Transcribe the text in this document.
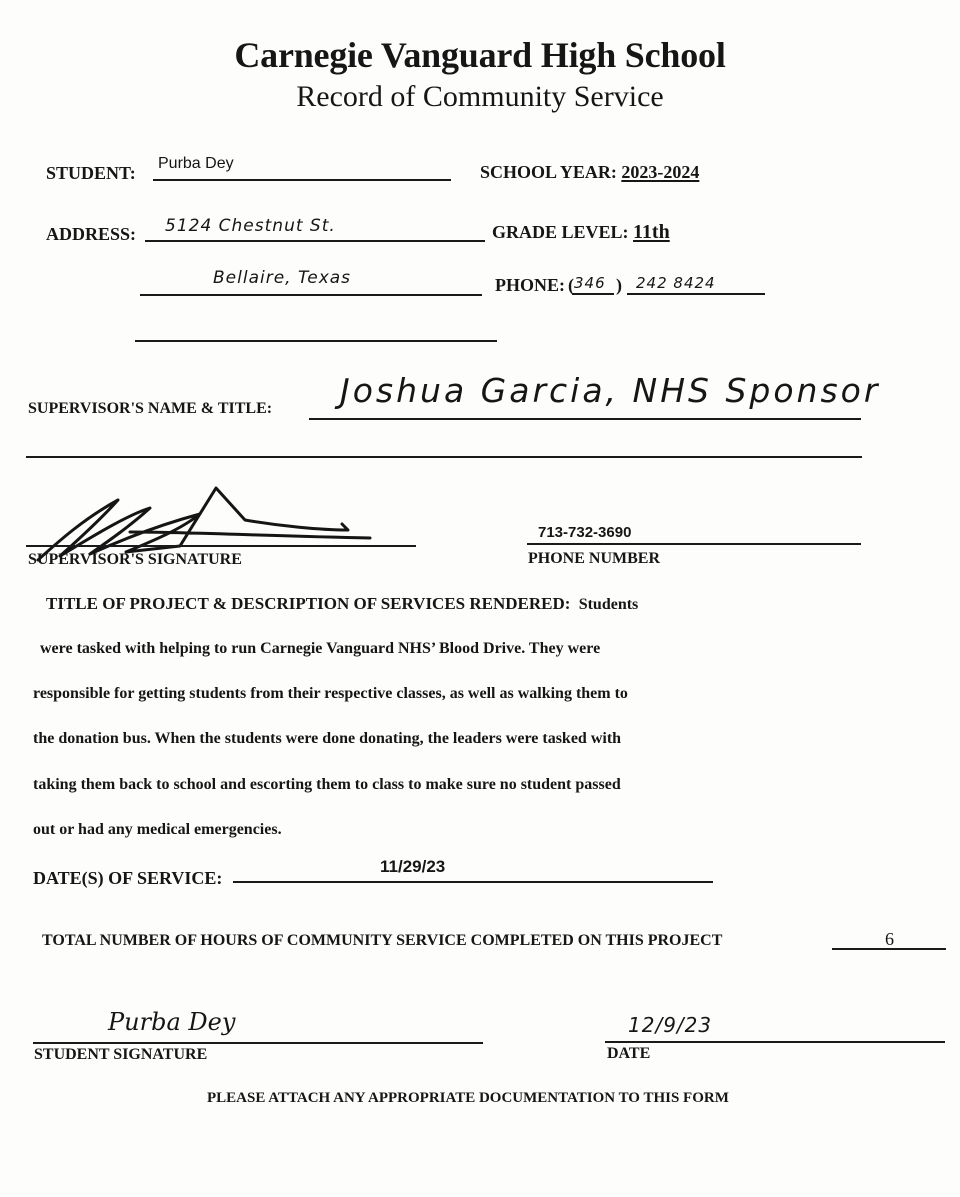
Carnegie Vanguard High School
Record of Community Service
STUDENT: Purba Dey	SCHOOL YEAR: 2023-2024
ADDRESS: 5124 Chestnut St.
Bellaire, Texas
GRADE LEVEL: 11th
PHONE: ( 346 ) 242 8424
SUPERVISOR'S NAME & TITLE: Joshua Garcia, NHS Sponsor
SUPERVISOR'S SIGNATURE
713-732-3690
PHONE NUMBER
TITLE OF PROJECT & DESCRIPTION OF SERVICES RENDERED: Students
were tasked with helping to run Carnegie Vanguard NHS’ Blood Drive. They were
responsible for getting students from their respective classes, as well as walking them to
the donation bus. When the students were done donating, the leaders were tasked with
taking them back to school and escorting them to class to make sure no student passed
out or had any medical emergencies.
DATE(S) OF SERVICE:
11/29/23
TOTAL NUMBER OF HOURS OF COMMUNITY SERVICE COMPLETED ON THIS PROJECT	6
Purba Dey
STUDENT SIGNATURE
12/9/23
DATE
PLEASE ATTACH ANY APPROPRIATE DOCUMENTATION TO THIS FORM
